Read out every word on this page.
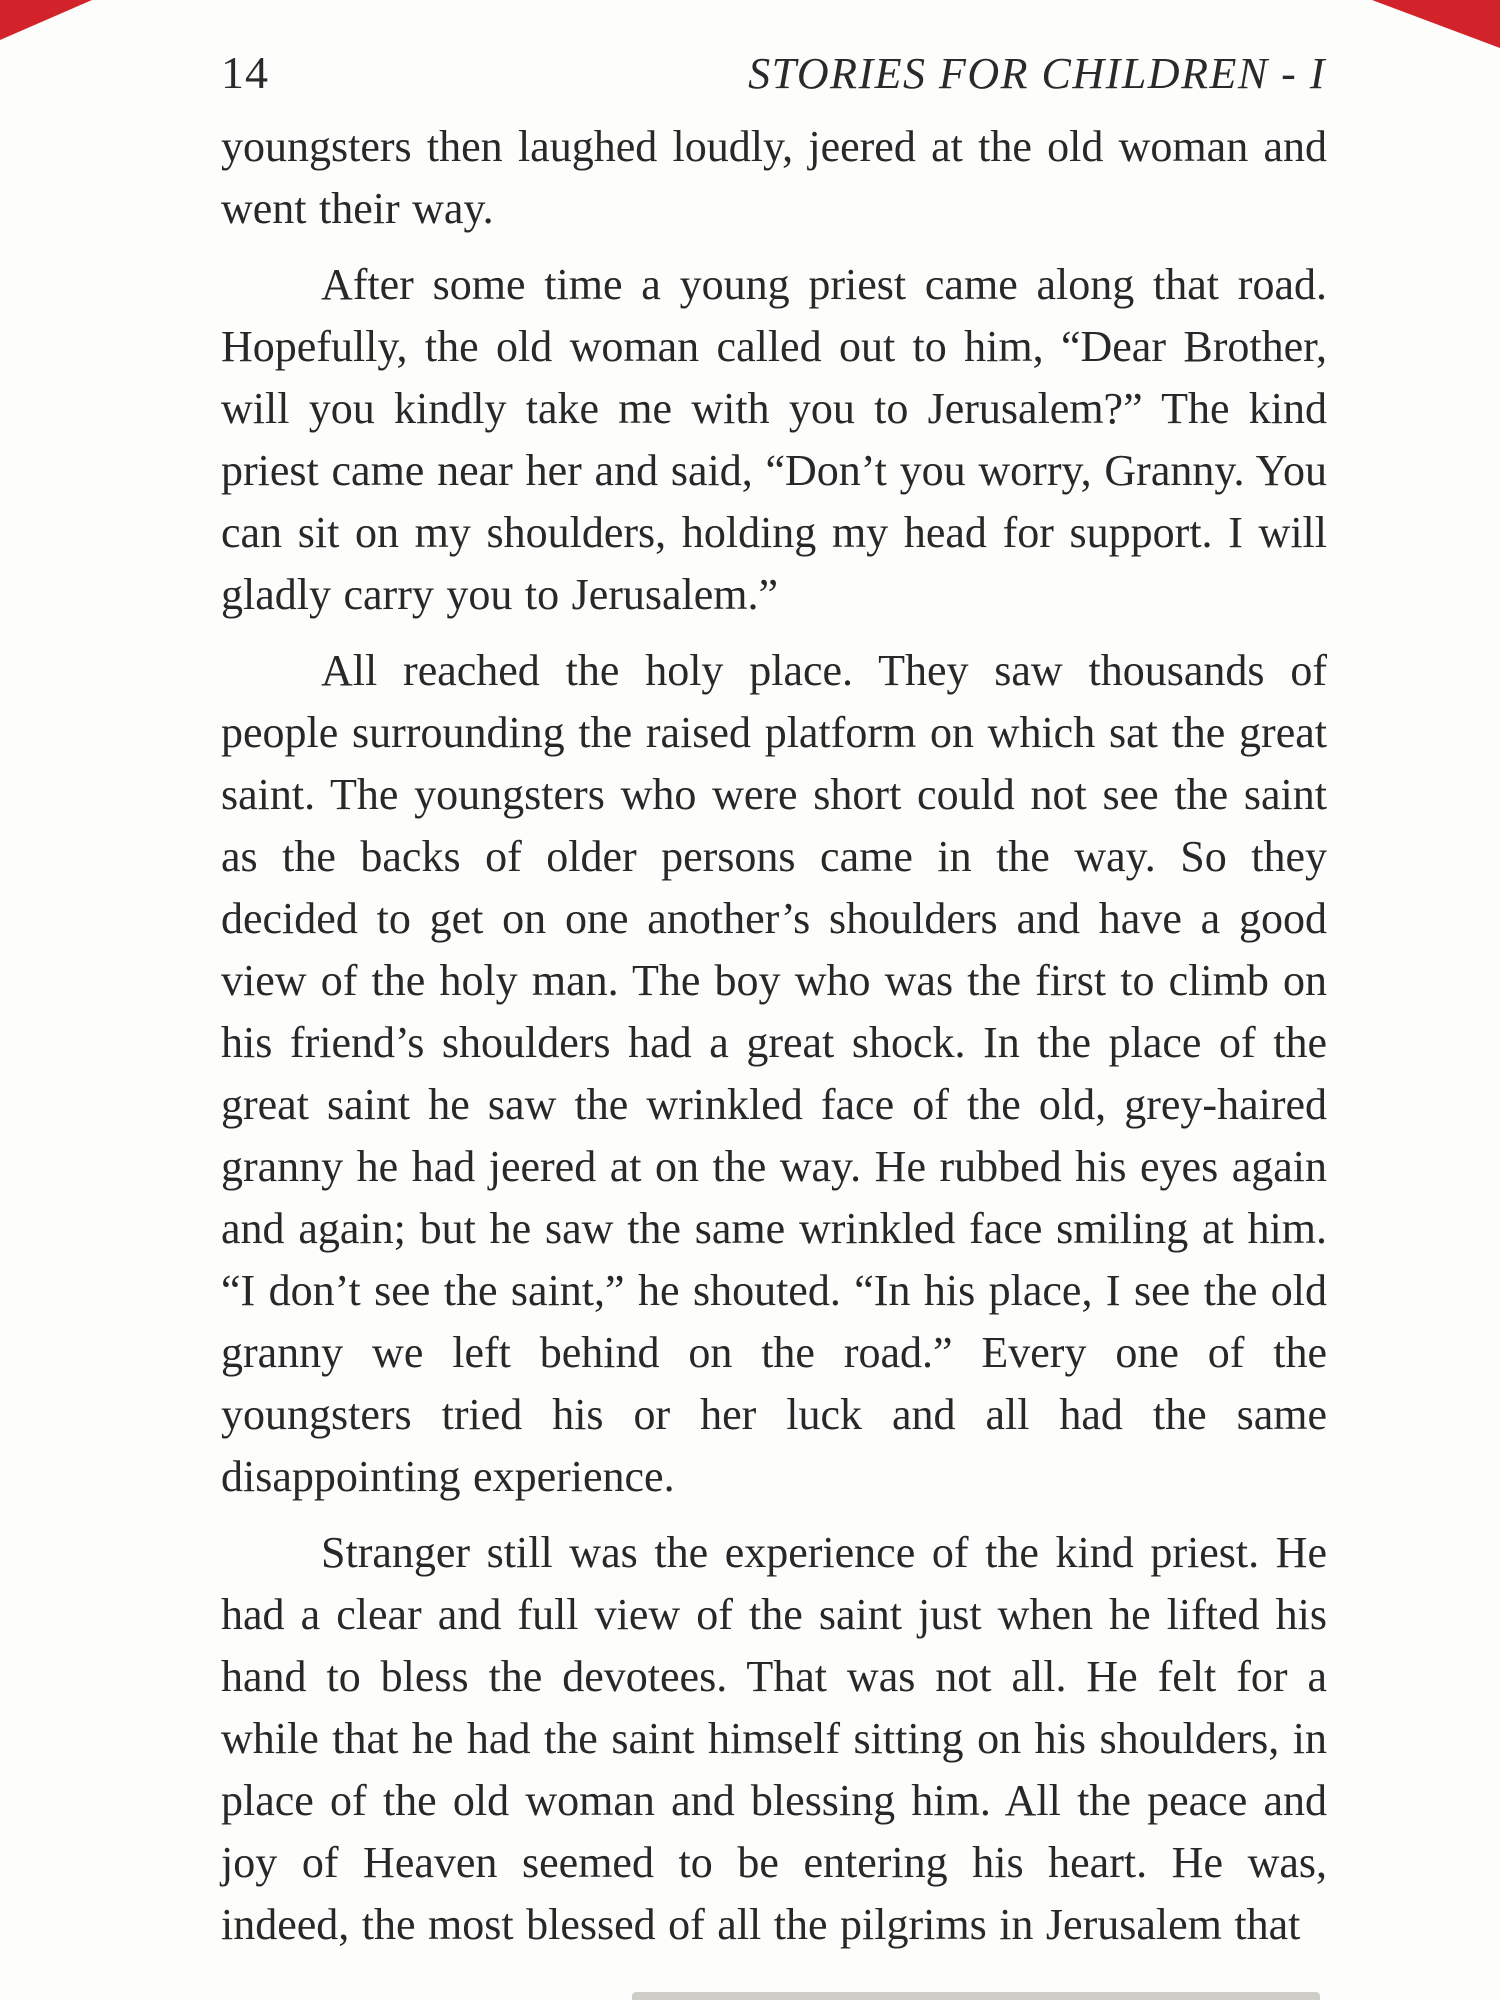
14	STORIES FOR CHILDREN - I

youngsters then laughed loudly, jeered at the old woman and went their way.

After some time a young priest came along that road. Hopefully, the old woman called out to him, “Dear Brother, will you kindly take me with you to Jerusalem?” The kind priest came near her and said, “Don’t you worry, Granny. You can sit on my shoulders, holding my head for support. I will gladly carry you to Jerusalem.”

All reached the holy place. They saw thousands of people surrounding the raised platform on which sat the great saint. The youngsters who were short could not see the saint as the backs of older persons came in the way. So they decided to get on one another’s shoulders and have a good view of the holy man. The boy who was the first to climb on his friend’s shoulders had a great shock. In the place of the great saint he saw the wrinkled face of the old, grey-haired granny he had jeered at on the way. He rubbed his eyes again and again; but he saw the same wrinkled face smiling at him. “I don’t see the saint,” he shouted. “In his place, I see the old granny we left behind on the road.” Every one of the youngsters tried his or her luck and all had the same disappointing experience.

Stranger still was the experience of the kind priest. He had a clear and full view of the saint just when he lifted his hand to bless the devotees. That was not all. He felt for a while that he had the saint himself sitting on his shoulders, in place of the old woman and blessing him. All the peace and joy of Heaven seemed to be entering his heart. He was, indeed, the most blessed of all the pilgrims in Jerusalem that
